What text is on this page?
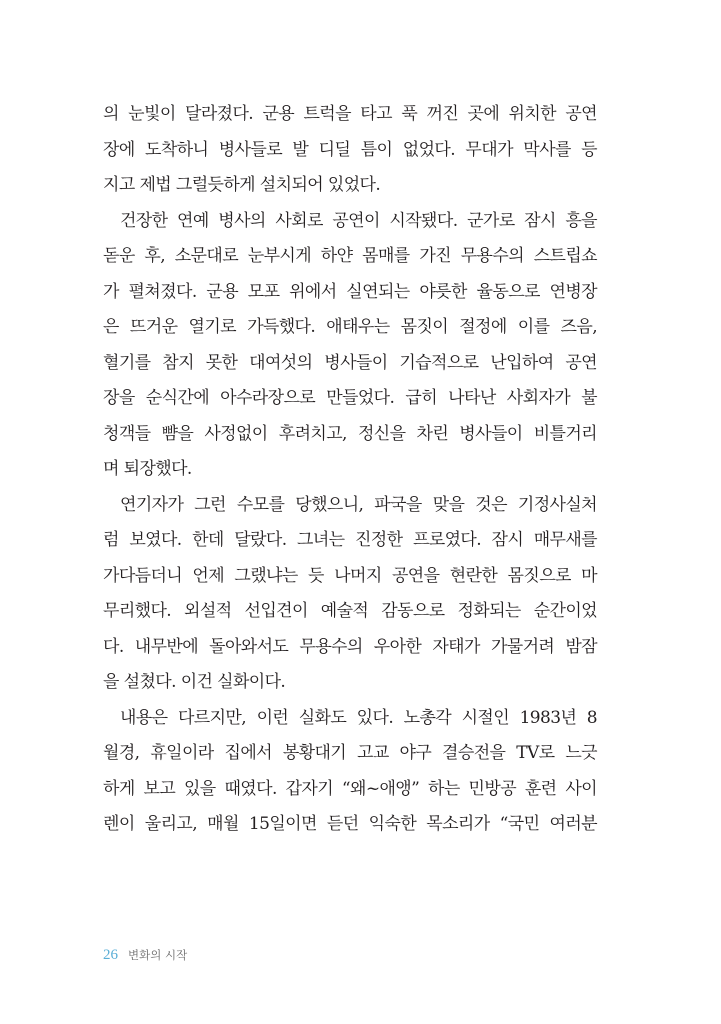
의 눈빛이 달라졌다. 군용 트럭을 타고 푹 꺼진 곳에 위치한 공연
장에 도착하니 병사들로 발 디딜 틈이 없었다. 무대가 막사를 등
지고 제법 그럴듯하게 설치되어 있었다.
건장한 연예 병사의 사회로 공연이 시작됐다. 군가로 잠시 흥을
돋운 후, 소문대로 눈부시게 하얀 몸매를 가진 무용수의 스트립쇼
가 펼쳐졌다. 군용 모포 위에서 실연되는 야릇한 율동으로 연병장
은 뜨거운 열기로 가득했다. 애태우는 몸짓이 절정에 이를 즈음,
혈기를 참지 못한 대여섯의 병사들이 기습적으로 난입하여 공연
장을 순식간에 아수라장으로 만들었다. 급히 나타난 사회자가 불
청객들 뺨을 사정없이 후려치고, 정신을 차린 병사들이 비틀거리
며 퇴장했다.
연기자가 그런 수모를 당했으니, 파국을 맞을 것은 기정사실처
럼 보였다. 한데 달랐다. 그녀는 진정한 프로였다. 잠시 매무새를
가다듬더니 언제 그랬냐는 듯 나머지 공연을 현란한 몸짓으로 마
무리했다. 외설적 선입견이 예술적 감동으로 정화되는 순간이었
다. 내무반에 돌아와서도 무용수의 우아한 자태가 가물거려 밤잠
을 설쳤다. 이건 실화이다.
내용은 다르지만, 이런 실화도 있다. 노총각 시절인 1983년 8
월경, 휴일이라 집에서 봉황대기 고교 야구 결승전을 TV로 느긋
하게 보고 있을 때였다. 갑자기 “왜~애앵” 하는 민방공 훈련 사이
렌이 울리고, 매월 15일이면 듣던 익숙한 목소리가 “국민 여러분
26 변화의 시작
